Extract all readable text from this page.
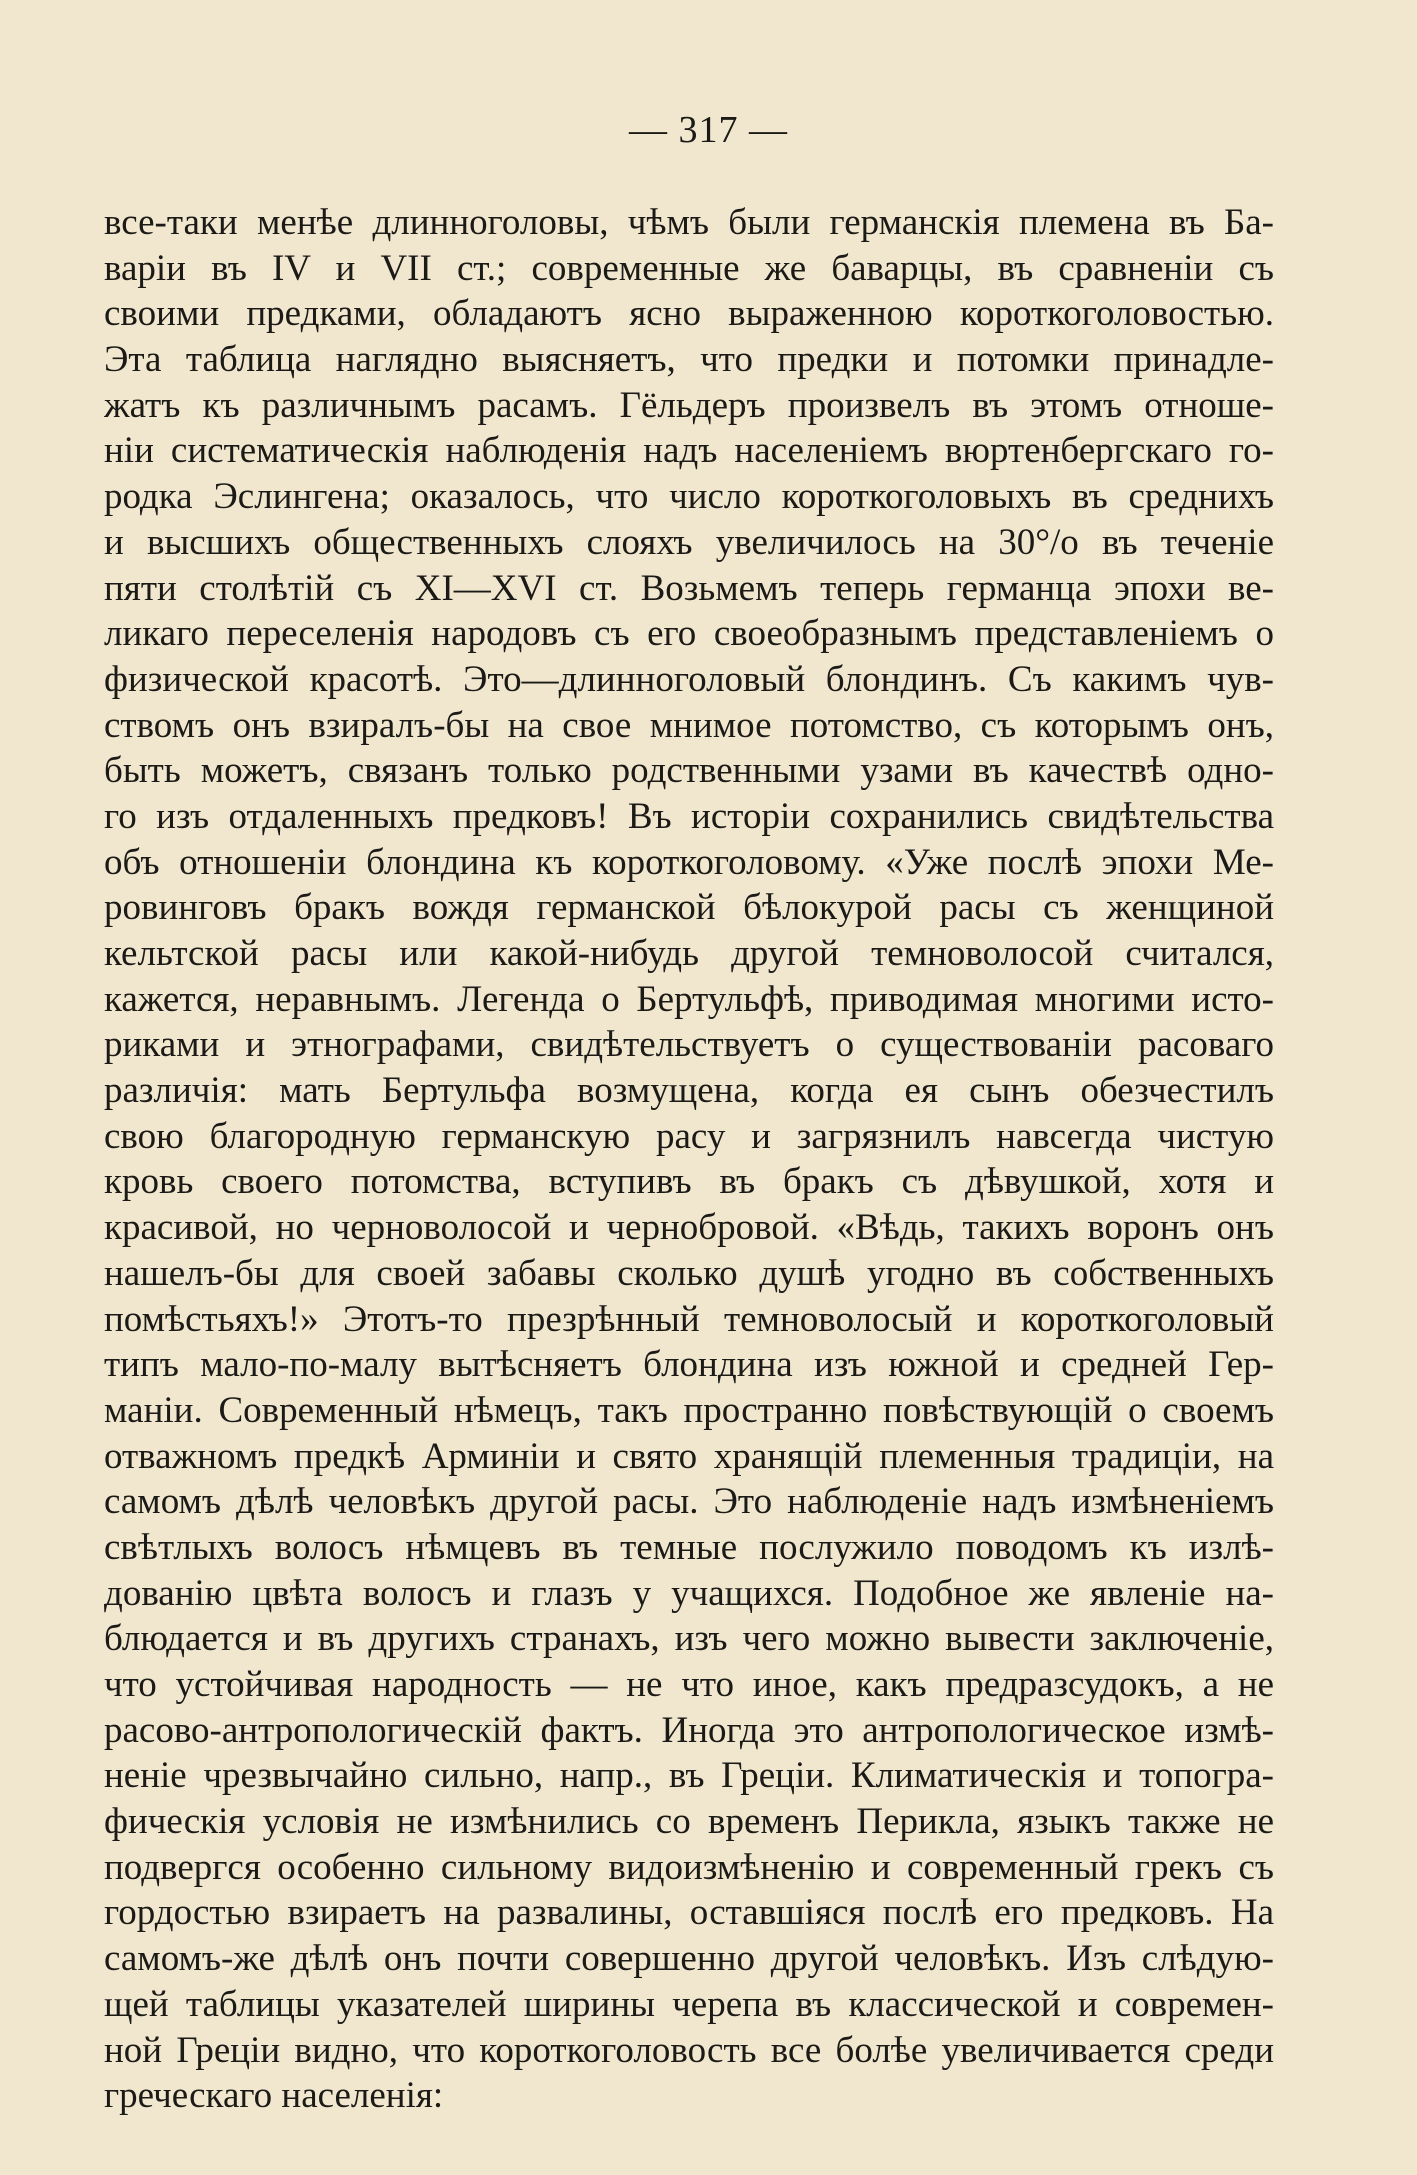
— 317 —
все-таки менѣе длинноголовы, чѣмъ были германскія племена въ Ба-
варіи въ IV и VII ст.; современные же баварцы, въ сравненіи съ
своими предками, обладаютъ ясно выраженною короткоголовостью.
Эта таблица наглядно выясняетъ, что предки и потомки принадле-
жатъ къ различнымъ расамъ. Гёльдеръ произвелъ въ этомъ отноше-
ніи систематическія наблюденія надъ населеніемъ вюртенбергскаго го-
родка Эслингена; оказалось, что число короткоголовыхъ въ среднихъ
и высшихъ общественныхъ слояхъ увеличилось на 30°/о въ теченіе
пяти столѣтій съ XI—XVI ст. Возьмемъ теперь германца эпохи ве-
ликаго переселенія народовъ съ его своеобразнымъ представленіемъ о
физической красотѣ. Это—длинноголовый блондинъ. Съ какимъ чув-
ствомъ онъ взиралъ-бы на свое мнимое потомство, съ которымъ онъ,
быть можетъ, связанъ только родственными узами въ качествѣ одно-
го изъ отдаленныхъ предковъ! Въ исторіи сохранились свидѣтельства
объ отношеніи блондина къ короткоголовому. «Уже послѣ эпохи Ме-
ровинговъ бракъ вождя германской бѣлокурой расы съ женщиной
кельтской расы или какой-нибудь другой темноволосой считался,
кажется, неравнымъ. Легенда о Бертульфѣ, приводимая многими исто-
риками и этнографами, свидѣтельствуетъ о существованіи расоваго
различія: мать Бертульфа возмущена, когда ея сынъ обезчестилъ
свою благородную германскую расу и загрязнилъ навсегда чистую
кровь своего потомства, вступивъ въ бракъ съ дѣвушкой, хотя и
красивой, но черноволосой и чернобровой. «Вѣдь, такихъ воронъ онъ
нашелъ-бы для своей забавы сколько душѣ угодно въ собственныхъ
помѣстьяхъ!» Этотъ-то презрѣнный темноволосый и короткоголовый
типъ мало-по-малу вытѣсняетъ блондина изъ южной и средней Гер-
маніи. Современный нѣмецъ, такъ пространно повѣствующій о своемъ
отважномъ предкѣ Арминіи и свято хранящій племенныя традиціи, на
самомъ дѣлѣ человѣкъ другой расы. Это наблюденіе надъ измѣненіемъ
свѣтлыхъ волосъ нѣмцевъ въ темные послужило поводомъ къ излѣ-
дованію цвѣта волосъ и глазъ у учащихся. Подобное же явленіе на-
блюдается и въ другихъ странахъ, изъ чего можно вывести заключеніе,
что устойчивая народность — не что иное, какъ предразсудокъ, а не
расово-антропологическій фактъ. Иногда это антропологическое измѣ-
неніе чрезвычайно сильно, напр., въ Греціи. Климатическія и топогра-
фическія условія не измѣнились со временъ Перикла, языкъ также не
подвергся особенно сильному видоизмѣненію и современный грекъ съ
гордостью взираетъ на развалины, оставшіяся послѣ его предковъ. На
самомъ-же дѣлѣ онъ почти совершенно другой человѣкъ. Изъ слѣдую-
щей таблицы указателей ширины черепа въ классической и современ-
ной Греціи видно, что короткоголовость все болѣе увеличивается среди
греческаго населенія:
